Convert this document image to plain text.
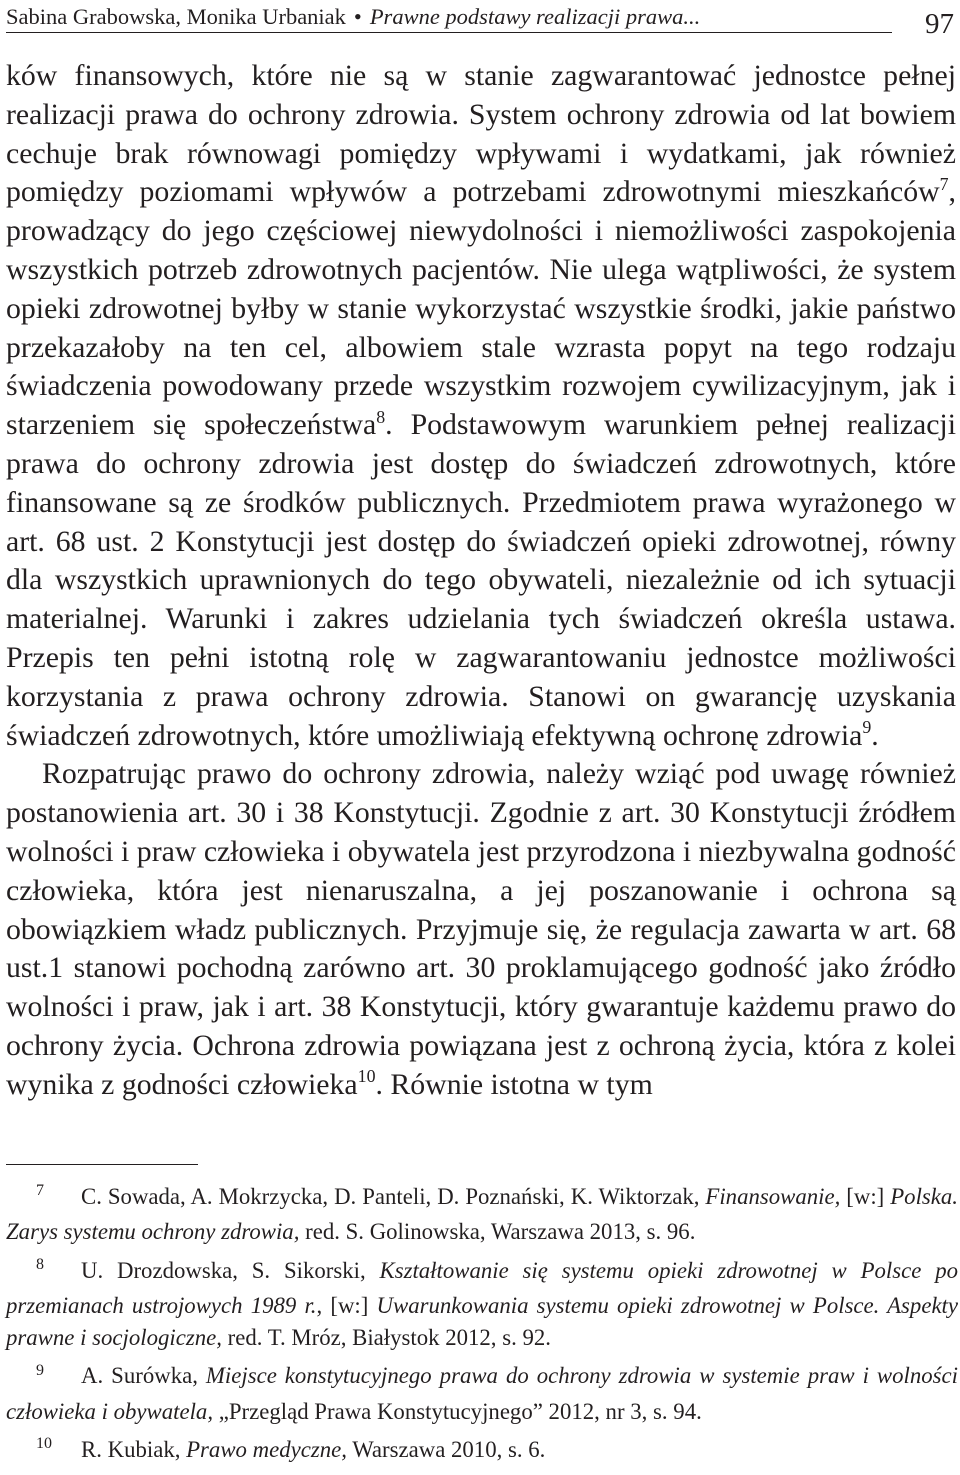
Sabina Grabowska, Monika Urbaniak • Prawne podstawy realizacji prawa...	97

ków finansowych, które nie są w stanie zagwarantować jednostce pełnej realizacji prawa do ochrony zdrowia. System ochrony zdrowia od lat bowiem cechuje brak równowagi pomiędzy wpływami i wydatkami, jak również pomiędzy poziomami wpływów a potrzebami zdrowotnymi mieszkańców$^7$, prowadzący do jego częściowej niewydolności i niemożliwości zaspokojenia wszystkich potrzeb zdrowotnych pacjentów. Nie ulega wątpliwości, że system opieki zdrowotnej byłby w stanie wykorzystać wszystkie środki, jakie państwo przekazałoby na ten cel, albowiem stale wzrasta popyt na tego rodzaju świadczenia powodowany przede wszystkim rozwojem cywilizacyjnym, jak i starzeniem się społeczeństwa$^8$. Podstawowym warunkiem pełnej realizacji prawa do ochrony zdrowia jest dostęp do świadczeń zdrowotnych, które finansowane są ze środków publicznych. Przedmiotem prawa wyrażonego w art. 68 ust. 2 Konstytucji jest dostęp do świadczeń opieki zdrowotnej, równy dla wszystkich uprawnionych do tego obywateli, niezależnie od ich sytuacji materialnej. Warunki i zakres udzielania tych świadczeń określa ustawa. Przepis ten pełni istotną rolę w zagwarantowaniu jednostce możliwości korzystania z prawa ochrony zdrowia. Stanowi on gwarancję uzyskania świadczeń zdrowotnych, które umożliwiają efektywną ochronę zdrowia$^9$.

Rozpatrując prawo do ochrony zdrowia, należy wziąć pod uwagę również postanowienia art. 30 i 38 Konstytucji. Zgodnie z art. 30 Konstytucji źródłem wolności i praw człowieka i obywatela jest przyrodzona i niezbywalna godność człowieka, która jest nienaruszalna, a jej poszanowanie i ochrona są obowiązkiem władz publicznych. Przyjmuje się, że regulacja zawarta w art. 68 ust.1 stanowi pochodną zarówno art. 30 proklamującego godność jako źródło wolności i praw, jak i art. 38 Konstytucji, który gwarantuje każdemu prawo do ochrony życia. Ochrona zdrowia powiązana jest z ochroną życia, która z kolei wynika z godności człowieka$^{10}$. Równie istotna w tym

7 C. Sowada, A. Mokrzycka, D. Panteli, D. Poznański, K. Wiktorzak, Finansowanie, [w:] Polska. Zarys systemu ochrony zdrowia, red. S. Golinowska, Warszawa 2013, s. 96.
8 U. Drozdowska, S. Sikorski, Kształtowanie się systemu opieki zdrowotnej w Polsce po przemianach ustrojowych 1989 r., [w:] Uwarunkowania systemu opieki zdrowotnej w Polsce. Aspekty prawne i socjologiczne, red. T. Mróz, Białystok 2012, s. 92.
9 A. Surówka, Miejsce konstytucyjnego prawa do ochrony zdrowia w systemie praw i wolności człowieka i obywatela, „Przegląd Prawa Konstytucyjnego” 2012, nr 3, s. 94.
10 R. Kubiak, Prawo medyczne, Warszawa 2010, s. 6.
